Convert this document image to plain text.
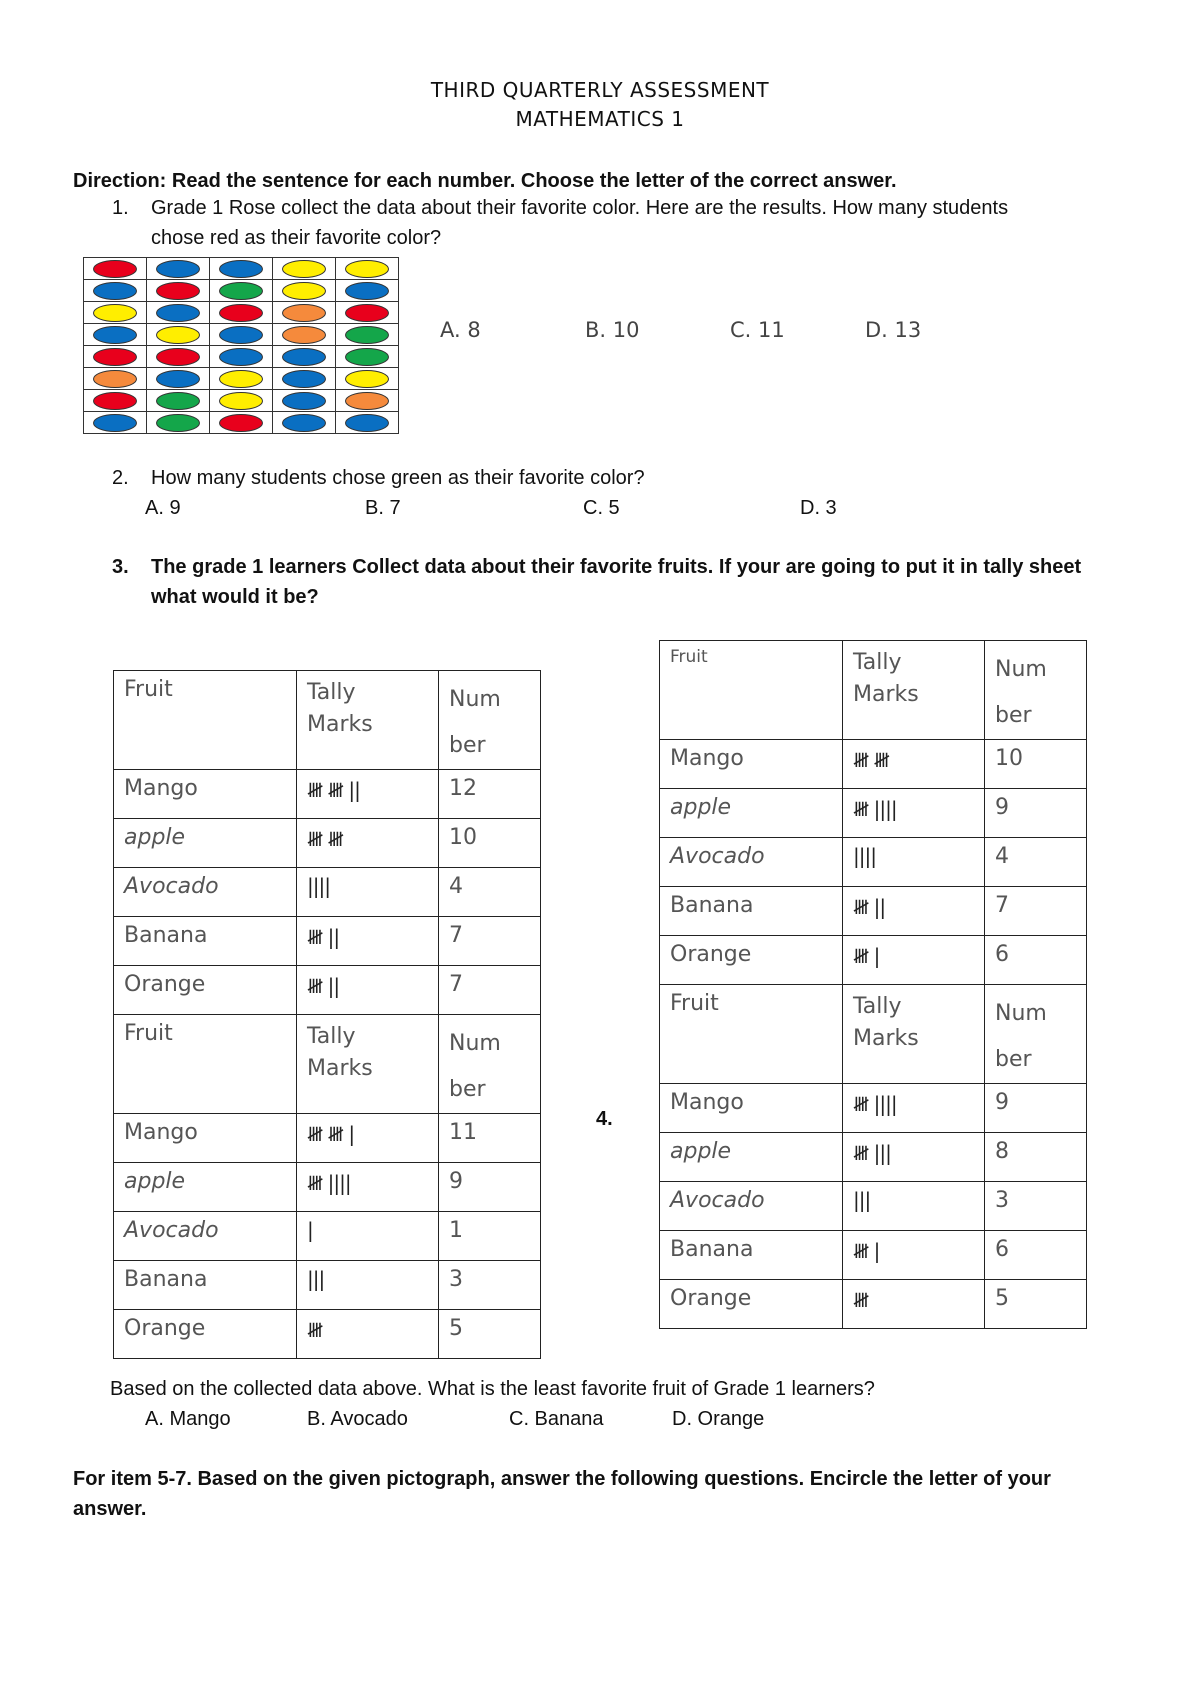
THIRD QUARTERLY ASSESSMENT
MATHEMATICS 1
Direction: Read the sentence for each number. Choose the letter of the correct answer.
1. Grade 1 Rose collect the data about their favorite color. Here are the results. How many students
chose red as their favorite color?

A. 8	B. 10	C. 11	D. 13
2. How many students chose green as their favorite color?
A. 9	B. 7	C. 5	D. 3
3. The grade 1 learners Collect data about their favorite fruits. If your are going to put it in tally sheet
what would it be?
Fruit	Tally
Marks	Num
ber

Mango	𝍸 𝍸 ||	12
apple	𝍸 𝍸	10
Avocado	||||	4
Banana	𝍸 ||	7
Orange	𝍸 ||	7
Fruit	Tally
Marks	Num
ber

Mango	𝍸 𝍸 |	11
apple	𝍸 ||||	9
Avocado	|	1
Banana	|||	3
Orange	𝍸	5
4.
Fruit	Tally
Marks	Num
ber

Mango	𝍸 𝍸	10
apple	𝍸 ||||	9
Avocado	||||	4
Banana	𝍸 ||	7
Orange	𝍸 |	6
Fruit	Tally
Marks	Num
ber

Mango	𝍸 ||||	9
apple	𝍸 |||	8
Avocado	|||	3
Banana	𝍸 |	6
Orange	𝍸	5
Based on the collected data above. What is the least favorite fruit of Grade 1 learners?
A. Mango	B. Avocado	C. Banana	D. Orange
For item 5-7. Based on the given pictograph, answer the following questions. Encircle the letter of your
answer.
